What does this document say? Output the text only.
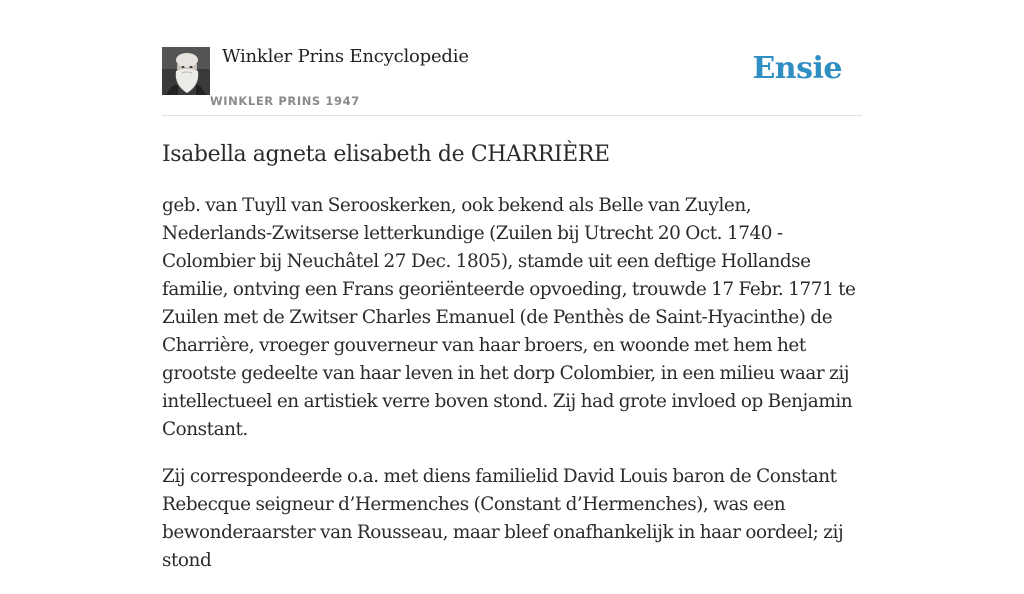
Winkler Prins Encyclopedie
WINKLER PRINS 1947
Ensie
Isabella agneta elisabeth de CHARRIÈRE

geb. van Tuyll van Serooskerken, ook bekend als Belle van Zuylen, Nederlands-Zwitserse letterkundige (Zuilen bij Utrecht 20 Oct. 1740 - Colombier bij Neuchâtel 27 Dec. 1805), stamde uit een deftige Hollandse familie, ontving een Frans georiënteerde opvoeding, trouwde 17 Febr. 1771 te Zuilen met de Zwitser Charles Emanuel (de Penthès de Saint-Hyacinthe) de Charrière, vroeger gouverneur van haar broers, en woonde met hem het grootste gedeelte van haar leven in het dorp Colombier, in een milieu waar zij intellectueel en artistiek verre boven stond. Zij had grote invloed op Benjamin Constant.

Zij correspondeerde o.a. met diens familielid David Louis baron de Constant Rebecque seigneur d’Hermenches (Constant d’Hermenches), was een bewonderaarster van Rousseau, maar bleef onafhankelijk in haar oordeel; zij stond
